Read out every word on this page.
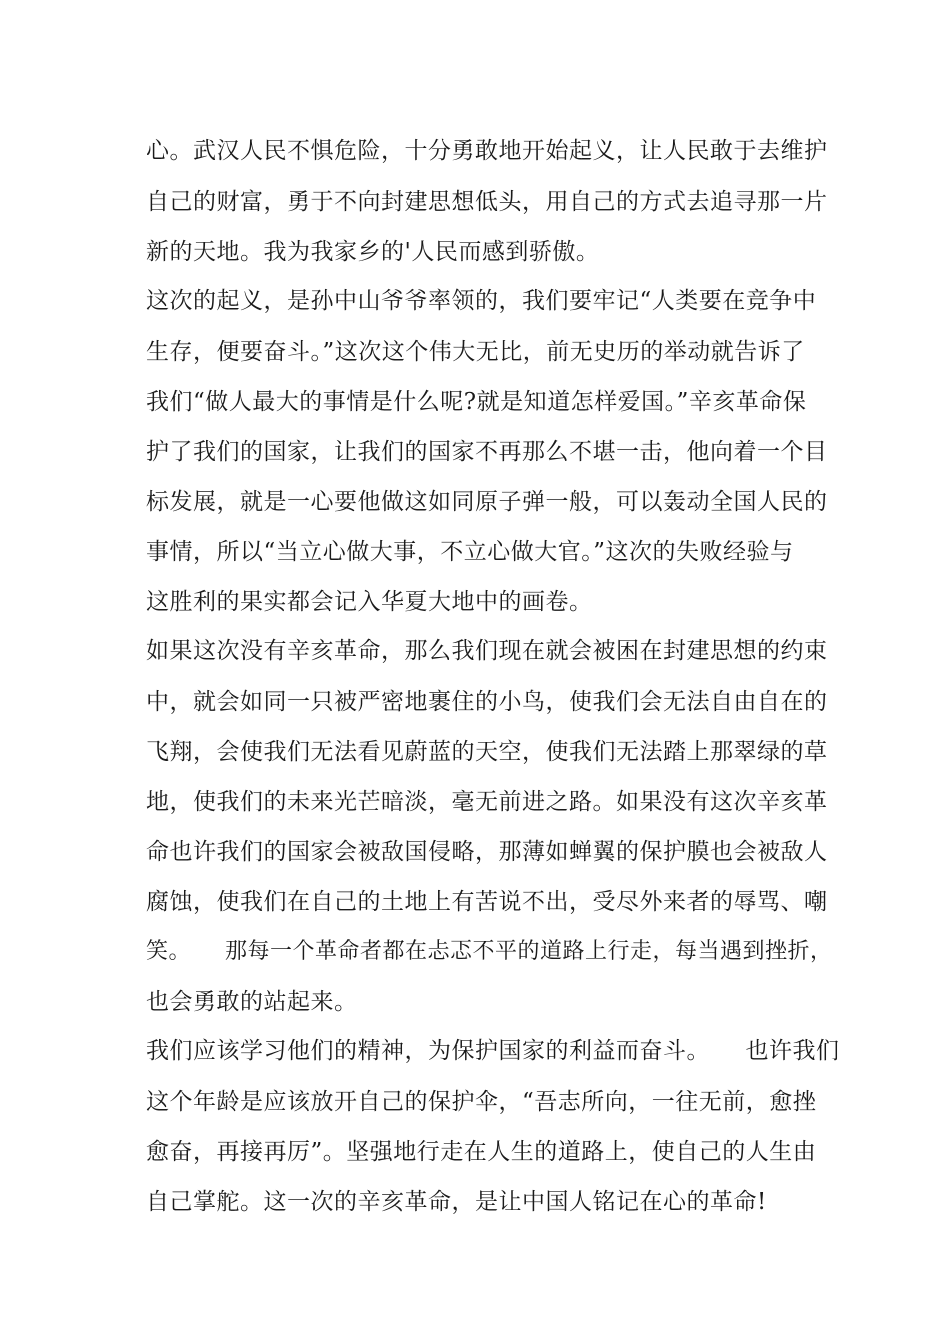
心。武汉人民不惧危险，十分勇敢地开始起义，让人民敢于去维护
自己的财富，勇于不向封建思想低头，用自己的方式去追寻那一片
新的天地。我为我家乡的'人民而感到骄傲。
这次的起义，是孙中山爷爷率领的，我们要牢记“人类要在竞争中
生存，便要奋斗。”这次这个伟大无比，前无史历的举动就告诉了
我们“做人最大的事情是什么呢?就是知道怎样爱国。”辛亥革命保
护了我们的国家，让我们的国家不再那么不堪一击，他向着一个目
标发展，就是一心要他做这如同原子弹一般，可以轰动全国人民的
事情，所以“当立心做大事，不立心做大官。”这次的失败经验与
这胜利的果实都会记入华夏大地中的画卷。
如果这次没有辛亥革命，那么我们现在就会被困在封建思想的约束
中，就会如同一只被严密地裹住的小鸟，使我们会无法自由自在的
飞翔，会使我们无法看见蔚蓝的天空，使我们无法踏上那翠绿的草
地，使我们的未来光芒暗淡，毫无前进之路。如果没有这次辛亥革
命也许我们的国家会被敌国侵略，那薄如蝉翼的保护膜也会被敌人
腐蚀，使我们在自己的土地上有苦说不出，受尽外来者的辱骂、嘲
笑。　　那每一个革命者都在忐忑不平的道路上行走，每当遇到挫折，
也会勇敢的站起来。
我们应该学习他们的精神，为保护国家的利益而奋斗。　　也许我们
这个年龄是应该放开自己的保护伞，“吾志所向，一往无前，愈挫
愈奋，再接再厉”。坚强地行走在人生的道路上，使自己的人生由
自己掌舵。这一次的辛亥革命，是让中国人铭记在心的革命!
